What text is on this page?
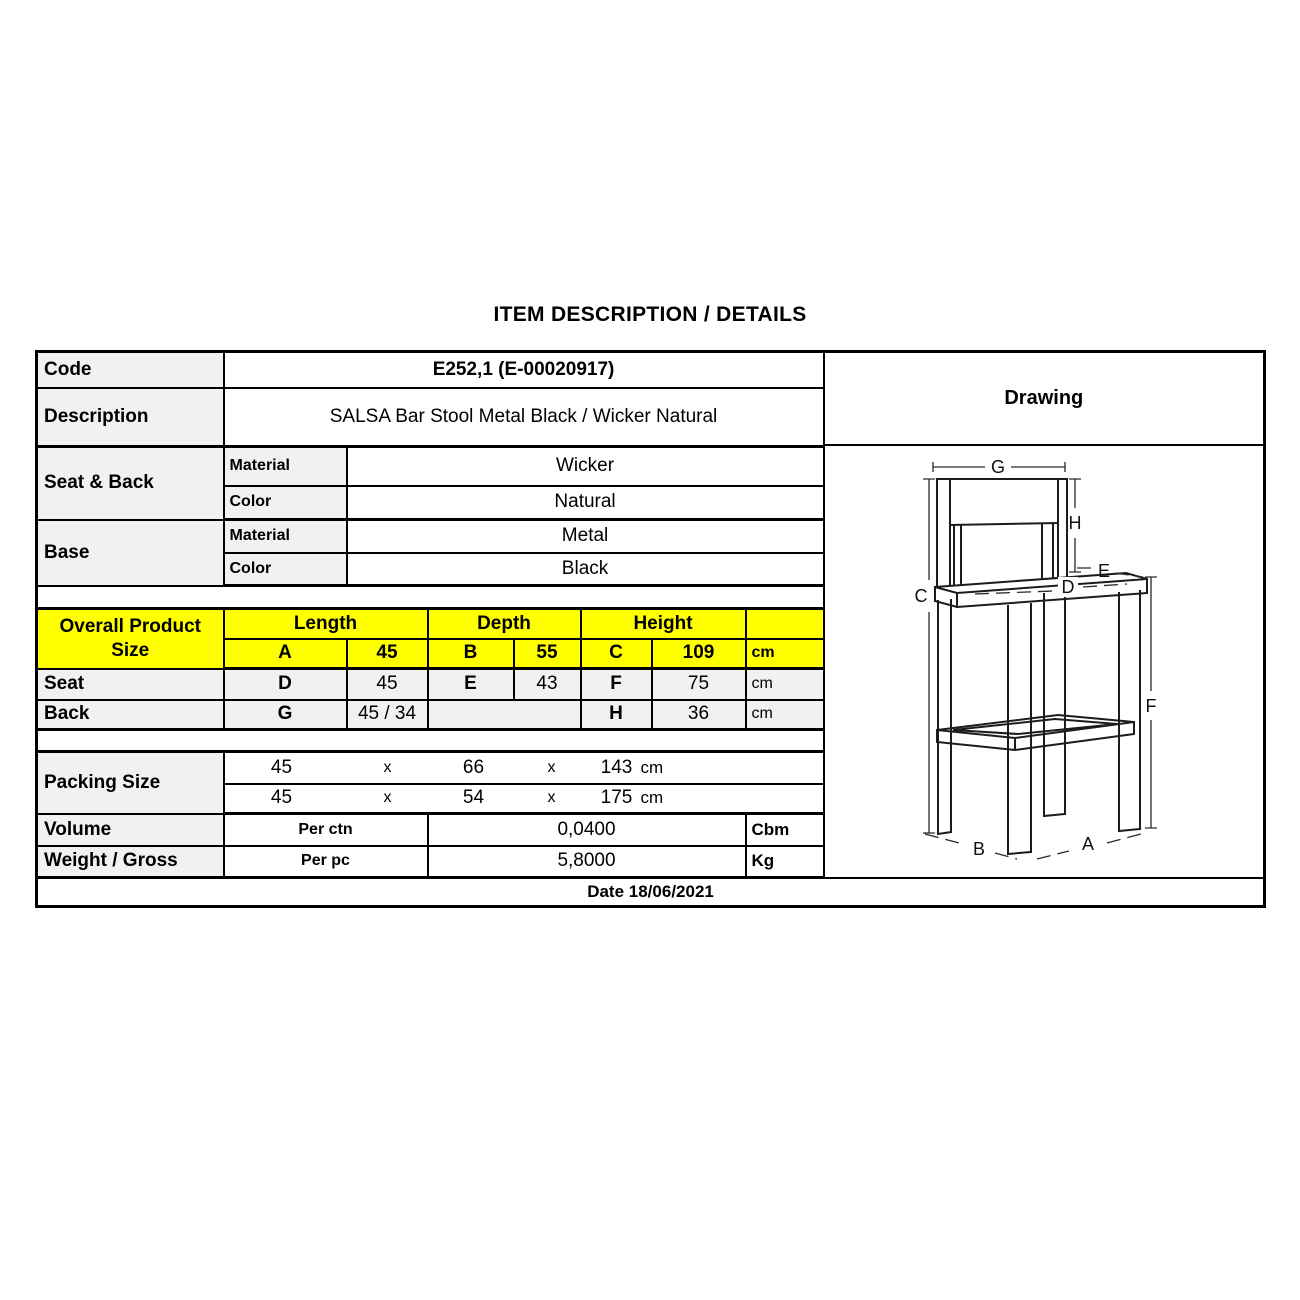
ITEM DESCRIPTION / DETAILS
Code	E252,1 (E-00020917)	
Drawing
G
H
E
D
C
F
B	A

Description	SALSA Bar Stool Metal Black / Wicker Natural							
Seat & Back	Material	Wicker						
	Color	Natural						
Base	Material	Metal						
	Color	Black						

Overall Product
Size	Length		Depth		Height			
	A	45	B	55	C	109	cm	
Seat	D	45	E	43	F	75	cm	
Back	G	45 / 34			H	36	cm	

Packing Size	
45	x	66	x	143 cm

45	x	54	x	175 cm

Volume	Per ctn		0,0400				Cbm	
Weight / Gross	Per pc		5,8000				Kg	
Date 18/06/2021								
